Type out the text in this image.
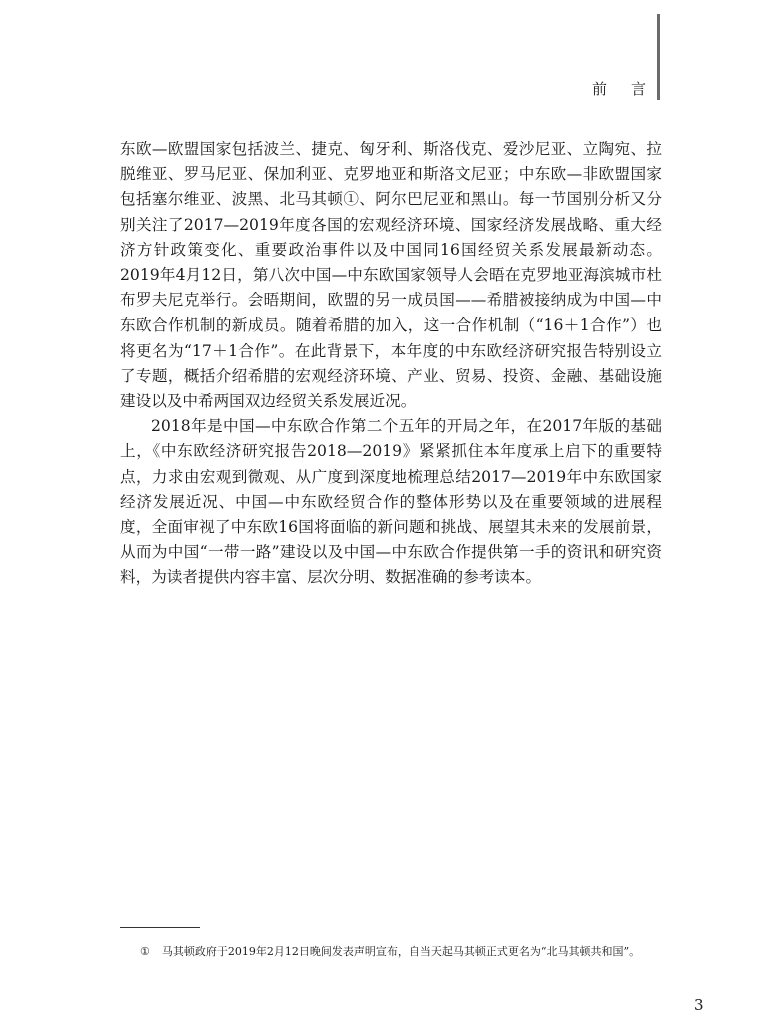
前 言

东欧—欧盟国家包括波兰、捷克、匈牙利、斯洛伐克、爱沙尼亚、立陶宛、拉脱维亚、罗马尼亚、保加利亚、克罗地亚和斯洛文尼亚；中东欧—非欧盟国家包括塞尔维亚、波黑、北马其顿①、阿尔巴尼亚和黑山。每一节国别分析又分别关注了2017—2019年度各国的宏观经济环境、国家经济发展战略、重大经济方针政策变化、重要政治事件以及中国同16国经贸关系发展最新动态。2019年4月12日，第八次中国—中东欧国家领导人会晤在克罗地亚海滨城市杜布罗夫尼克举行。会晤期间，欧盟的另一成员国——希腊被接纳成为中国—中东欧合作机制的新成员。随着希腊的加入，这一合作机制（“16＋1合作”）也将更名为“17＋1合作”。在此背景下，本年度的中东欧经济研究报告特别设立了专题，概括介绍希腊的宏观经济环境、产业、贸易、投资、金融、基础设施建设以及中希两国双边经贸关系发展近况。

2018年是中国—中东欧合作第二个五年的开局之年，在2017年版的基础上，《中东欧经济研究报告2018—2019》紧紧抓住本年度承上启下的重要特点，力求由宏观到微观、从广度到深度地梳理总结2017—2019年中东欧国家经济发展近况、中国—中东欧经贸合作的整体形势以及在重要领域的进展程度，全面审视了中东欧16国将面临的新问题和挑战、展望其未来的发展前景，从而为中国“一带一路”建设以及中国—中东欧合作提供第一手的资讯和研究资料，为读者提供内容丰富、层次分明、数据准确的参考读本。

① 马其顿政府于2019年2月12日晚间发表声明宣布，自当天起马其顿正式更名为“北马其顿共和国”。
3
